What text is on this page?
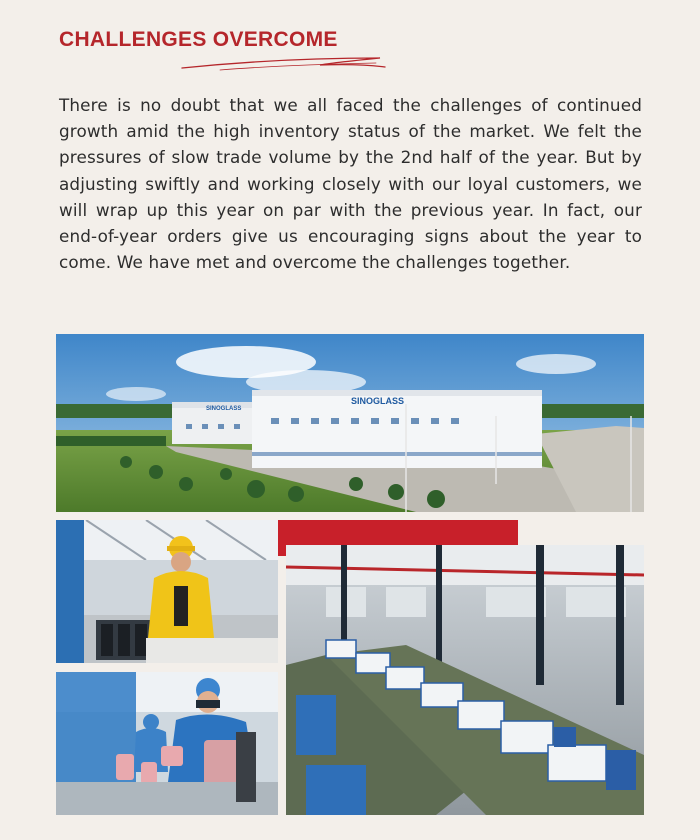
CHALLENGES OVERCOME

There is no doubt that we all faced the challenges of continued growth amid the high inventory status of the market. We felt the pressures of slow trade volume by the 2nd half of the year. But by adjusting swiftly and working closely with our loyal customers, we will wrap up this year on par with the previous year. In fact, our end-of-year orders give us encouraging signs about the year to come. We have met and overcome the challenges together.

SINOGLASS
SINOGLASS
